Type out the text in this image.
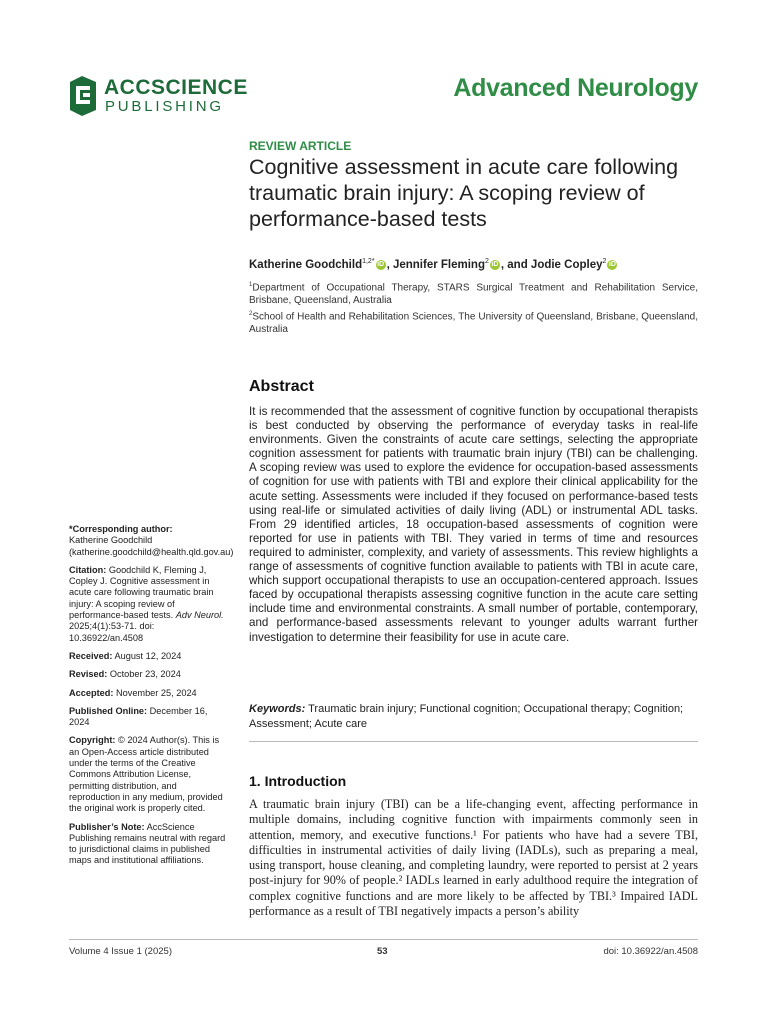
ACCSCIENCE
PUBLISHING
Advanced Neurology
REVIEW ARTICLE
Cognitive assessment in acute care following traumatic brain injury: A scoping review of performance-based tests
Katherine Goodchild$^{1,2*}$ iD , Jennifer Fleming$^2$ iD , and Jodie Copley$^2$ iD
$^1$Department of Occupational Therapy, STARS Surgical Treatment and Rehabilitation Service, Brisbane, Queensland, Australia
$^2$School of Health and Rehabilitation Sciences, The University of Queensland, Brisbane, Queensland, Australia
Abstract

It is recommended that the assessment of cognitive function by occupational therapists is best conducted by observing the performance of everyday tasks in real-life environments. Given the constraints of acute care settings, selecting the appropriate cognition assessment for patients with traumatic brain injury (TBI) can be challenging. A scoping review was used to explore the evidence for occupation-based assessments of cognition for use with patients with TBI and explore their clinical applicability for the acute setting. Assessments were included if they focused on performance-based tests using real-life or simulated activities of daily living (ADL) or instrumental ADL tasks. From 29 identified articles, 18 occupation-based assessments of cognition were reported for use in patients with TBI. They varied in terms of time and resources required to administer, complexity, and variety of assessments. This review highlights a range of assessments of cognitive function available to patients with TBI in acute care, which support occupational therapists to use an occupation-centered approach. Issues faced by occupational therapists assessing cognitive function in the acute care setting include time and environmental constraints. A small number of portable, contemporary, and performance-based assessments relevant to younger adults warrant further investigation to determine their feasibility for use in acute care.

Keywords: Traumatic brain injury; Functional cognition; Occupational therapy; Cognition; Assessment; Acute care

1. Introduction

A traumatic brain injury (TBI) can be a life-changing event, affecting performance in multiple domains, including cognitive function with impairments commonly seen in attention, memory, and executive functions.¹ For patients who have had a severe TBI, difficulties in instrumental activities of daily living (IADLs), such as preparing a meal, using transport, house cleaning, and completing laundry, were reported to persist at 2 years post-injury for 90% of people.² IADLs learned in early adulthood require the integration of complex cognitive functions and are more likely to be affected by TBI.³ Impaired IADL performance as a result of TBI negatively impacts a person’s ability

*Corresponding author:
Katherine Goodchild (katherine.goodchild@health.qld.gov.au)
Citation: Goodchild K, Fleming J, Copley J. Cognitive assessment in acute care following traumatic brain injury: A scoping review of performance-based tests. Adv Neurol. 2025;4(1):53-71. doi: 10.36922/an.4508
Received: August 12, 2024
Revised: October 23, 2024
Accepted: November 25, 2024
Published Online: December 16, 2024
Copyright: © 2024 Author(s). This is an Open-Access article distributed under the terms of the Creative Commons Attribution License, permitting distribution, and reproduction in any medium, provided the original work is properly cited.
Publisher’s Note: AccScience Publishing remains neutral with regard to jurisdictional claims in published maps and institutional affiliations.
Volume 4 Issue 1 (2025)	53	doi: 10.36922/an.4508
